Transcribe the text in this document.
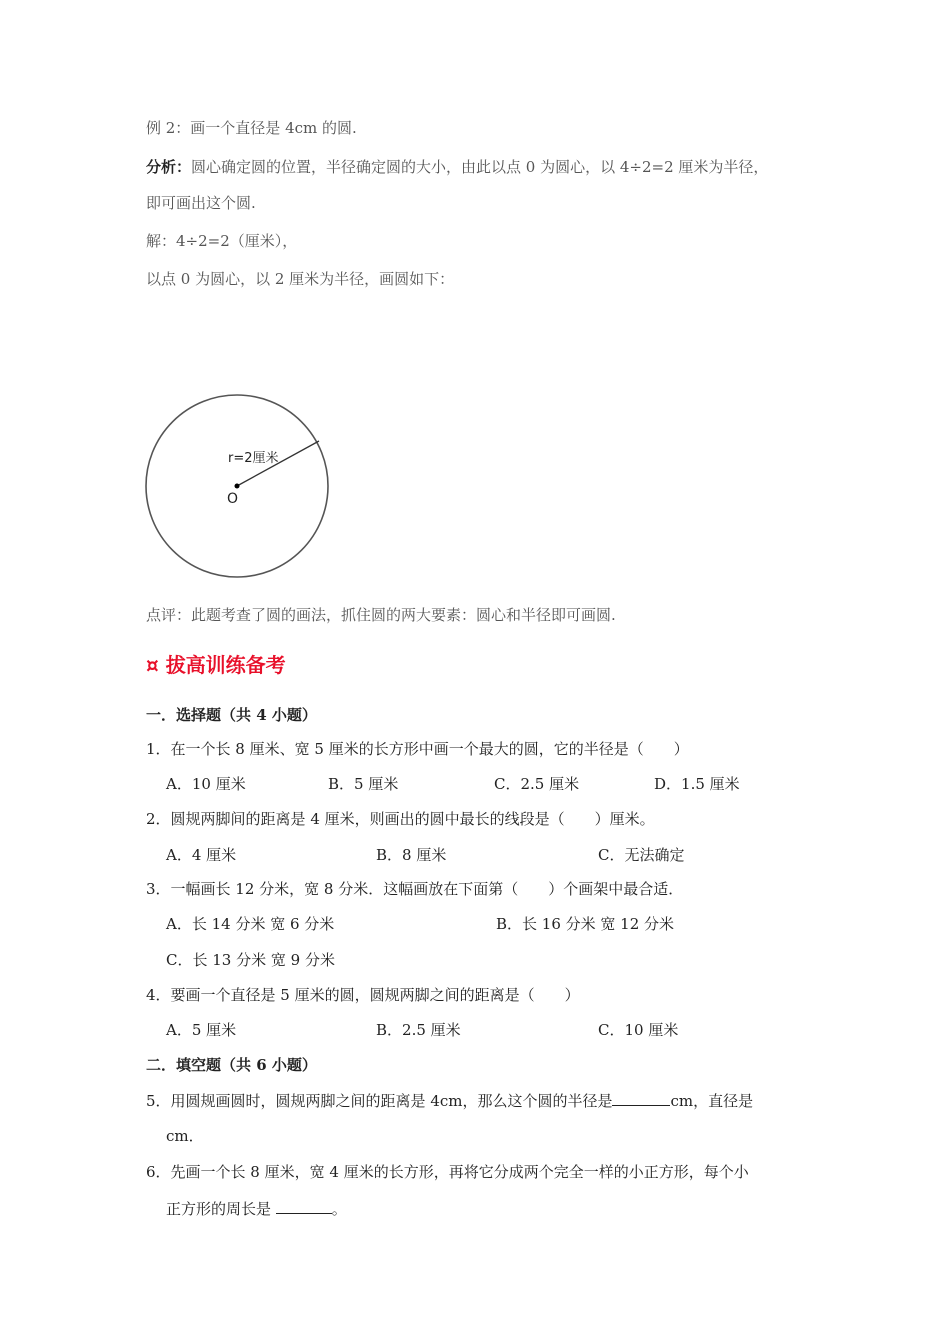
例 2：画一个直径是 4cm 的圆.
分析：圆心确定圆的位置，半径确定圆的大小，由此以点 0 为圆心，以 4÷2=2 厘米为半径，
即可画出这个圆.
解：4÷2=2（厘米），
以点 0 为圆心，以 2 厘米为半径，画圆如下：
r=2厘米
O
点评：此题考查了圆的画法，抓住圆的两大要素：圆心和半径即可画圆.
¤ 拔高训练备考
一．选择题（共 4 小题）
1．在一个长 8 厘米、宽 5 厘米的长方形中画一个最大的圆，它的半径是（　　）
A．10 厘米	B．5 厘米	C．2.5 厘米	D．1.5 厘米
2．圆规两脚间的距离是 4 厘米，则画出的圆中最长的线段是（　　）厘米。
A．4 厘米	B．8 厘米	C．无法确定
3．一幅画长 12 分米，宽 8 分米．这幅画放在下面第（　　）个画架中最合适．
A．长 14 分米 宽 6 分米	B．长 16 分米 宽 12 分米
C．长 13 分米 宽 9 分米
4．要画一个直径是 5 厘米的圆，圆规两脚之间的距离是（　　）
A．5 厘米	B．2.5 厘米	C．10 厘米
二．填空题（共 6 小题）
5．用圆规画圆时，圆规两脚之间的距离是 4cm，那么这个圆的半径是	cm，直径是
cm．
6．先画一个长 8 厘米，宽 4 厘米的长方形，再将它分成两个完全一样的小正方形，每个小
正方形的周长是	。
